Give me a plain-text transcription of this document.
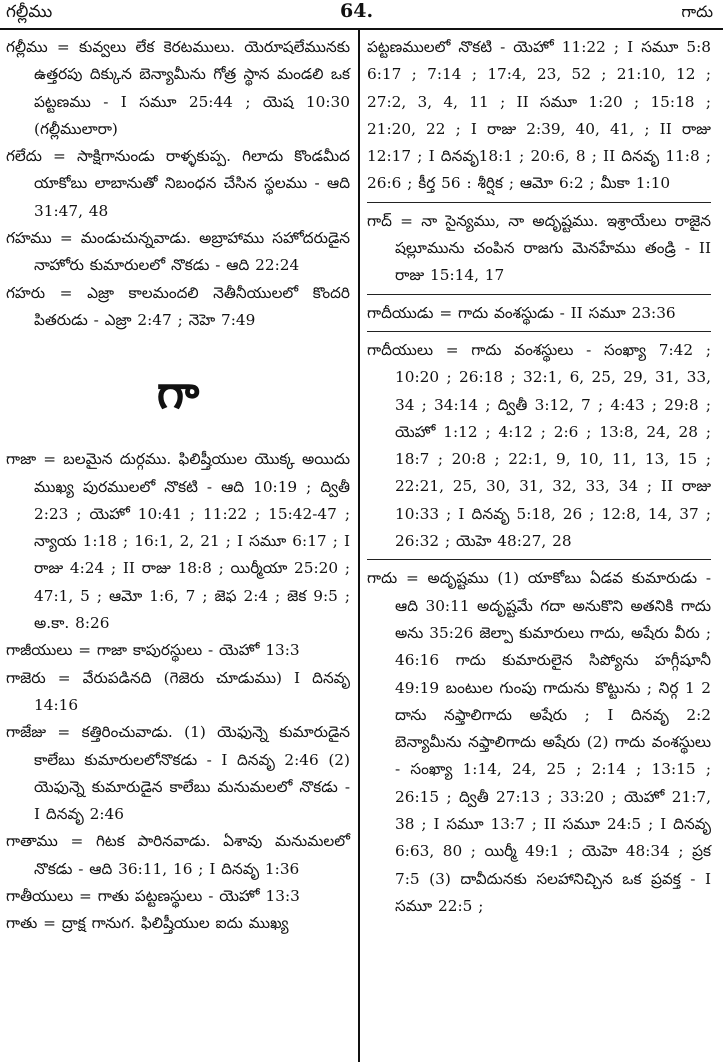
గల్లీము	64.	గాదు

గల్లీము = కువ్వలు లేక కెరటములు. యెరూషలేమునకు ఉత్తరపు దిక్కున బెన్యామీను గోత్ర స్థాన మండలి ఒక పట్టణము - I సమూ 25:44 ; యెష 10:30 (గల్లీములారా)

గలేదు = సాక్షిగానుండు రాళ్ళకుప్ప. గిలాదు కొండమీద యాకోబు లాబానుతో నిబంధన చేసిన స్థలము - ఆది 31:47, 48

గహము = మండుచున్నవాడు. అబ్రాహాము సహోదరుడైన నాహోరు కుమారులలో నొకడు - ఆది 22:24

గహరు = ఎజ్రా కాలమందలి నెతీనీయులలో కొందరి పితరుడు - ఎజ్రా 2:47 ; నెహె 7:49

గా

గాజా = బలమైన దుర్గము. ఫిలిష్తీయుల యొక్క అయిదు ముఖ్య పురములలో నొకటి - ఆది 10:19 ; ద్వితీ 2:23 ; యెహో 10:41 ; 11:22 ; 15:42-47 ; న్యాయ 1:18 ; 16:1, 2, 21 ; I సమూ 6:17 ; I రాజు 4:24 ; II రాజు 18:8 ; యిర్మీయా 25:20 ; 47:1, 5 ; ఆమో 1:6, 7 ; జెఫ 2:4 ; జెక 9:5 ; అ.కా. 8:26

గాజీయులు = గాజా కాపురస్థులు - యెహో 13:3

గాజెరు = వేరుపడినది (గెజెరు చూడుము) I దినవృ 14:16

గాజేజు = కత్తిరించువాడు. (1) యెఫున్నె కుమారుడైన కాలేబు కుమారులలోనొకడు - I దినవృ 2:46 (2) యెఫున్నె కుమారుడైన కాలేబు మనుమలలో నొకడు - I దినవృ 2:46

గాతాము = గిటక పారినవాడు. ఏశావు మనుమలలో నొకడు - ఆది 36:11, 16 ; I దినవృ 1:36

గాతీయులు = గాతు పట్టణస్థులు - యెహో 13:3

గాతు = ద్రాక్ష గానుగ. ఫిలిష్తీయుల ఐదు ముఖ్య

పట్టణములలో నొకటి - యెహో 11:22 ; I సమూ 5:8 6:17 ; 7:14 ; 17:4, 23, 52 ; 21:10, 12 ; 27:2, 3, 4, 11 ; II సమూ 1:20 ; 15:18 ; 21:20, 22 ; I రాజు 2:39, 40, 41, ; II రాజు 12:17 ; I దినవృ18:1 ; 20:6, 8 ; II దినవృ 11:8 ; 26:6 ; కీర్త 56 : శీర్షిక ; ఆమో 6:2 ; మీకా 1:10

గాద్ = నా సైన్యము, నా అదృష్టము. ఇశ్రాయేలు రాజైన షల్లూమును చంపిన రాజగు మెనహేము తండ్రి - II రాజు 15:14, 17

గాదీయుడు = గాదు వంశస్థుడు - II సమూ 23:36

గాదీయులు = గాదు వంశస్థులు - సంఖ్యా 7:42 ; 10:20 ; 26:18 ; 32:1, 6, 25, 29, 31, 33, 34 ; 34:14 ; ద్వితీ 3:12, 7 ; 4:43 ; 29:8 ; యెహో 1:12 ; 4:12 ; 2:6 ; 13:8, 24, 28 ; 18:7 ; 20:8 ; 22:1, 9, 10, 11, 13, 15 ; 22:21, 25, 30, 31, 32, 33, 34 ; II రాజు 10:33 ; I దినవృ 5:18, 26 ; 12:8, 14, 37 ; 26:32 ; యెహె 48:27, 28

గాదు = అదృష్టము (1) యాకోబు ఏడవ కుమారుడు - ఆది 30:11 అదృష్టమే గదా అనుకొని అతనికి గాదు అను 35:26 జెల్పా కుమారులు గాదు, అషేరు వీరు ; 46:16 గాదు కుమారులైన సిప్యోను హగ్గీషూనీ 49:19 బంటుల గుంపు గాదును కొట్టును ; నిర్గ 1 2 దాను నఫ్తాలిగాదు అషేరు ; I దినవృ 2:2 బెన్యామీను నఫ్తాలిగాదు అషేరు (2) గాదు వంశస్థులు - సంఖ్యా 1:14, 24, 25 ; 2:14 ; 13:15 ; 26:15 ; ద్వితీ 27:13 ; 33:20 ; యెహో 21:7, 38 ; I సమూ 13:7 ; II సమూ 24:5 ; I దినవృ 6:63, 80 ; యిర్మీ 49:1 ; యెహె 48:34 ; ప్రక 7:5 (3) దావీదునకు సలహానిచ్చిన ఒక ప్రవక్త - I సమూ 22:5 ;
